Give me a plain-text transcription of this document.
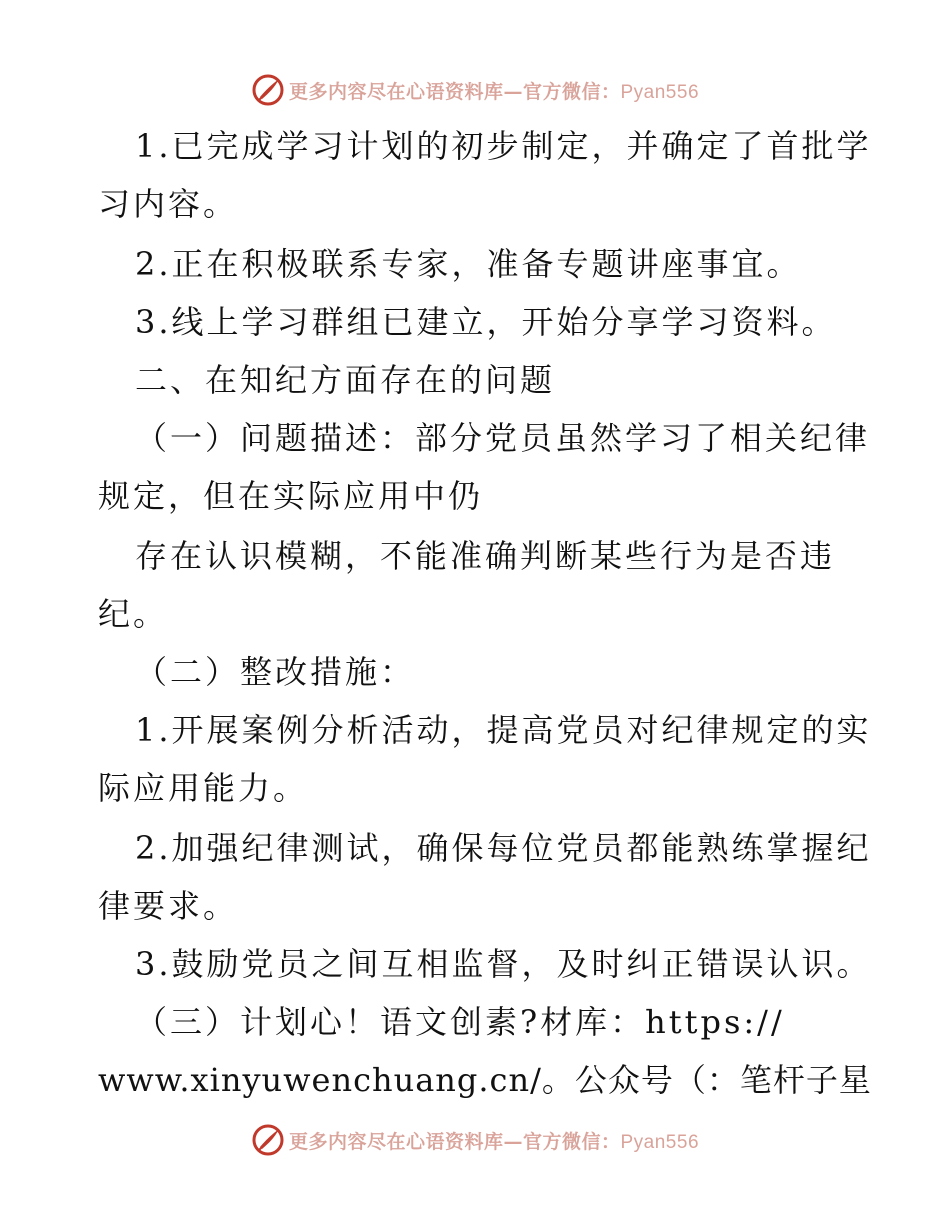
更多内容尽在心语资料库—官方微信：Pyan556
1.已完成学习计划的初步制定，并确定了首批学
习内容。
2.正在积极联系专家，准备专题讲座事宜。
3.线上学习群组已建立，开始分享学习资料。
二、在知纪方面存在的问题
（一）问题描述：部分党员虽然学习了相关纪律
规定，但在实际应用中仍
存在认识模糊，不能准确判断某些行为是否违
纪。
（二）整改措施：
1.开展案例分析活动，提高党员对纪律规定的实
际应用能力。
2.加强纪律测试，确保每位党员都能熟练掌握纪
律要求。
3.鼓励党员之间互相监督，及时纠正错误认识。
（三）计划心！语文创素?材库：https://
www.xinyuwenchuang.cn/。公众号（：笔杆子星
更多内容尽在心语资料库—官方微信：Pyan556
